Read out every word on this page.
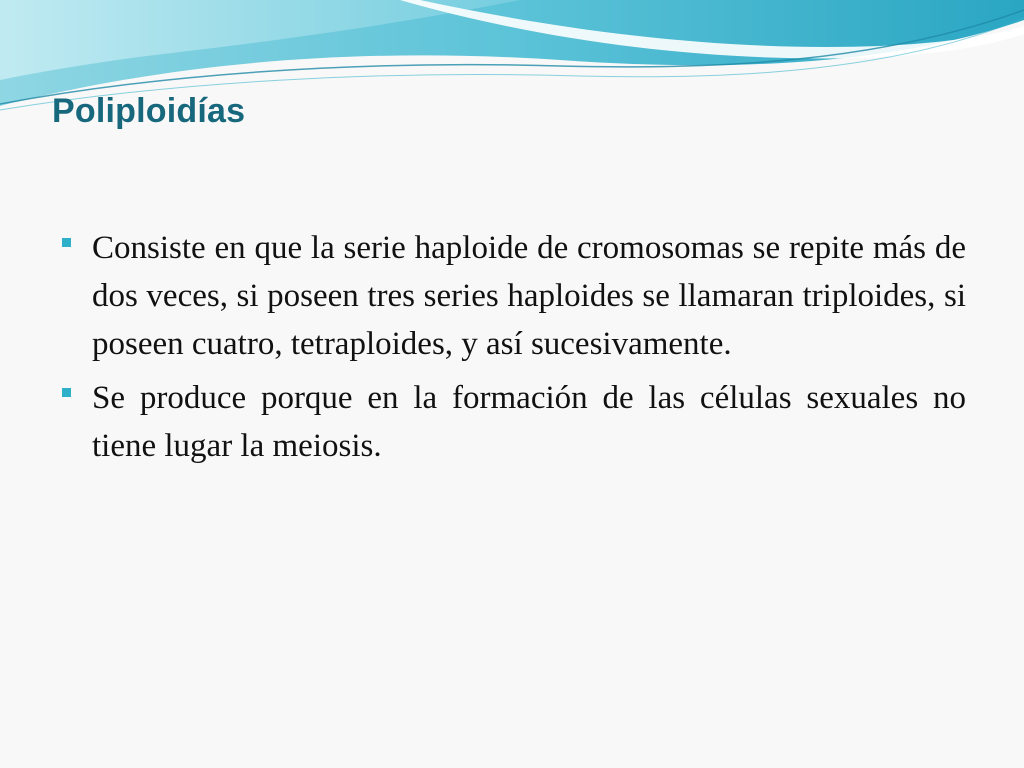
Poliploidías
Consiste en que la serie haploide de cromosomas se repite más de dos veces, si poseen tres series haploides se llamaran triploides, si poseen cuatro, tetraploides, y así sucesivamente.
Se produce porque en la formación de las células sexuales no tiene lugar la meiosis.
